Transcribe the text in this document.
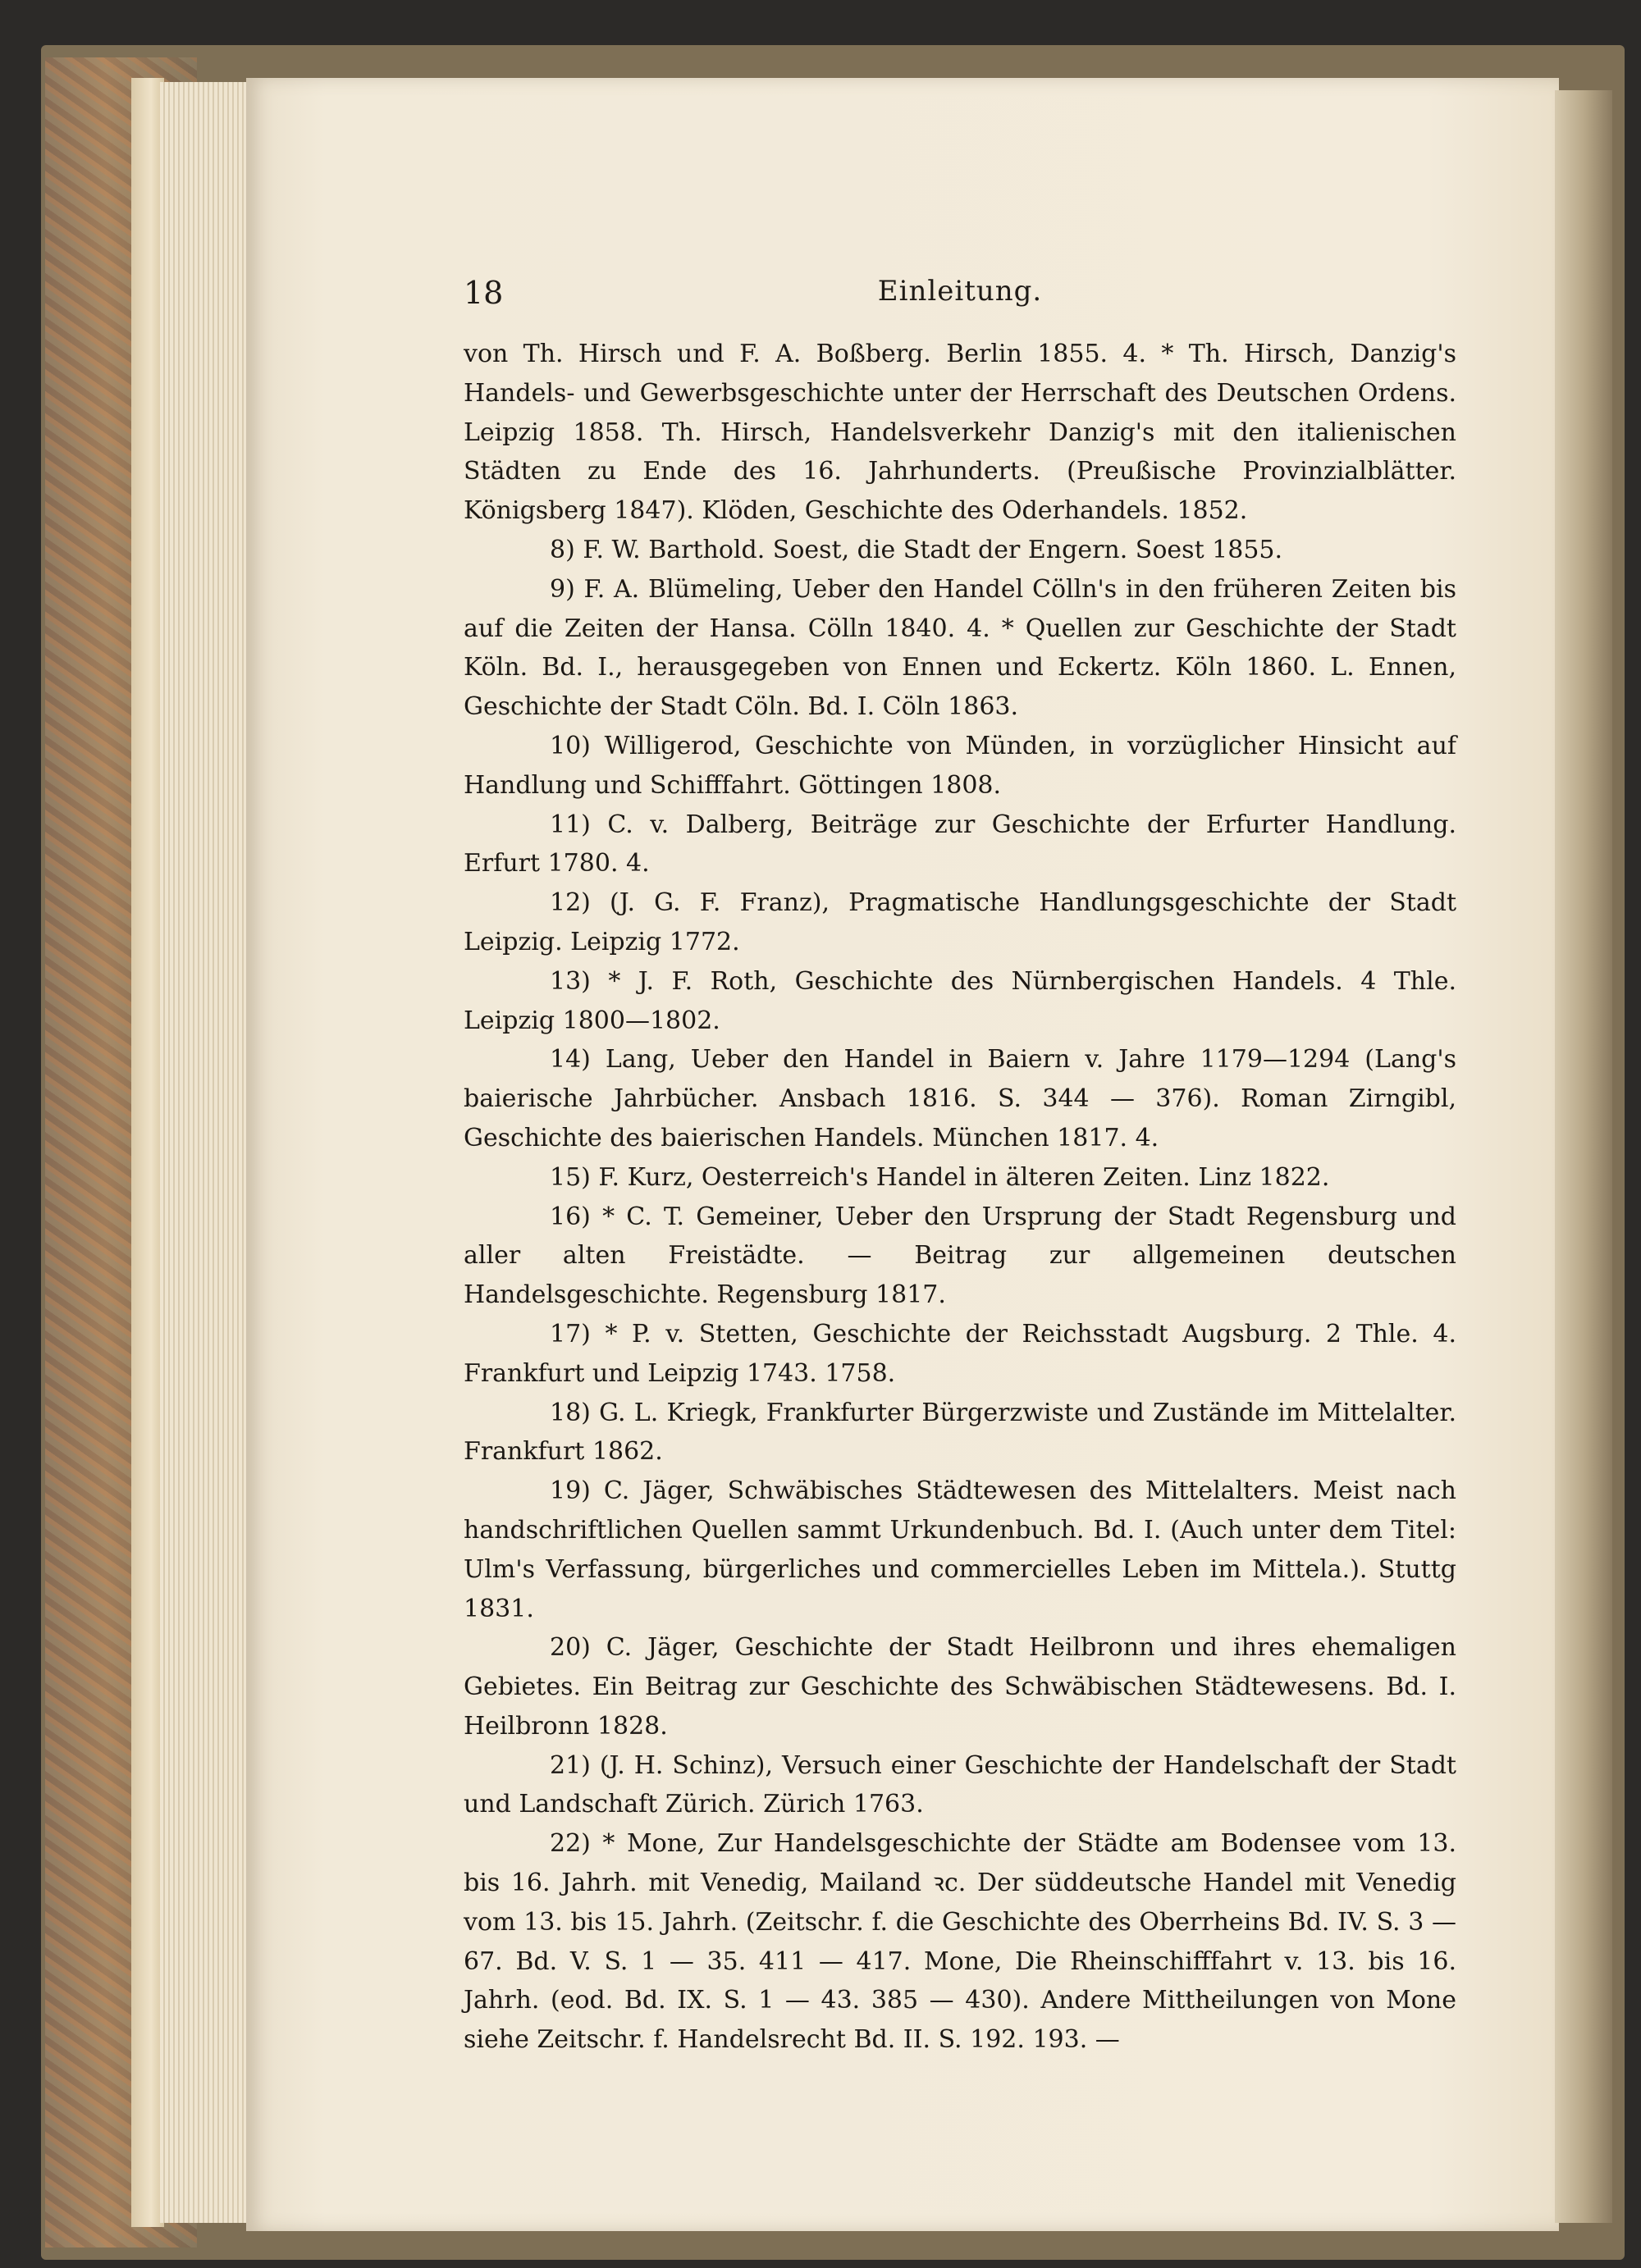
18	Einleitung.

von Th. Hirsch und F. A. Boßberg. Berlin 1855. 4. * Th. Hirsch, Danzig's Handels- und Gewerbsgeschichte unter der Herrschaft des Deutschen Ordens. Leipzig 1858. Th. Hirsch, Handelsverkehr Danzig's mit den italienischen Städten zu Ende des 16. Jahrhunderts. (Preußische Provinzialblätter. Königsberg 1847). Klöden, Geschichte des Oderhandels. 1852.

8) F. W. Barthold. Soest, die Stadt der Engern. Soest 1855.

9) F. A. Blümeling, Ueber den Handel Cölln's in den früheren Zeiten bis auf die Zeiten der Hansa. Cölln 1840. 4. * Quellen zur Geschichte der Stadt Köln. Bd. I., herausgegeben von Ennen und Eckertz. Köln 1860. L. Ennen, Geschichte der Stadt Cöln. Bd. I. Cöln 1863.

10) Willigerod, Geschichte von Münden, in vorzüglicher Hinsicht auf Handlung und Schifffahrt. Göttingen 1808.

11) C. v. Dalberg, Beiträge zur Geschichte der Erfurter Handlung. Erfurt 1780. 4.

12) (J. G. F. Franz), Pragmatische Handlungsgeschichte der Stadt Leipzig. Leipzig 1772.

13) * J. F. Roth, Geschichte des Nürnbergischen Handels. 4 Thle. Leipzig 1800—1802.

14) Lang, Ueber den Handel in Baiern v. Jahre 1179—1294 (Lang's baierische Jahrbücher. Ansbach 1816. S. 344 — 376). Roman Zirngibl, Geschichte des baierischen Handels. München 1817. 4.

15) F. Kurz, Oesterreich's Handel in älteren Zeiten. Linz 1822.

16) * C. T. Gemeiner, Ueber den Ursprung der Stadt Regensburg und aller alten Freistädte. — Beitrag zur allgemeinen deutschen Handelsgeschichte. Regensburg 1817.

17) * P. v. Stetten, Geschichte der Reichsstadt Augsburg. 2 Thle. 4. Frankfurt und Leipzig 1743. 1758.

18) G. L. Kriegk, Frankfurter Bürgerzwiste und Zustände im Mittelalter. Frankfurt 1862.

19) C. Jäger, Schwäbisches Städtewesen des Mittelalters. Meist nach handschriftlichen Quellen sammt Urkundenbuch. Bd. I. (Auch unter dem Titel: Ulm's Verfassung, bürgerliches und commercielles Leben im Mittela.). Stuttg 1831.

20) C. Jäger, Geschichte der Stadt Heilbronn und ihres ehemaligen Gebietes. Ein Beitrag zur Geschichte des Schwäbischen Städtewesens. Bd. I. Heilbronn 1828.

21) (J. H. Schinz), Versuch einer Geschichte der Handelschaft der Stadt und Landschaft Zürich. Zürich 1763.

22) * Mone, Zur Handelsgeschichte der Städte am Bodensee vom 13. bis 16. Jahrh. mit Venedig, Mailand ꝛc. Der süddeutsche Handel mit Venedig vom 13. bis 15. Jahrh. (Zeitschr. f. die Geschichte des Oberrheins Bd. IV. S. 3 — 67. Bd. V. S. 1 — 35. 411 — 417. Mone, Die Rheinschifffahrt v. 13. bis 16. Jahrh. (eod. Bd. IX. S. 1 — 43. 385 — 430). Andere Mittheilungen von Mone siehe Zeitschr. f. Handelsrecht Bd. II. S. 192. 193. —
